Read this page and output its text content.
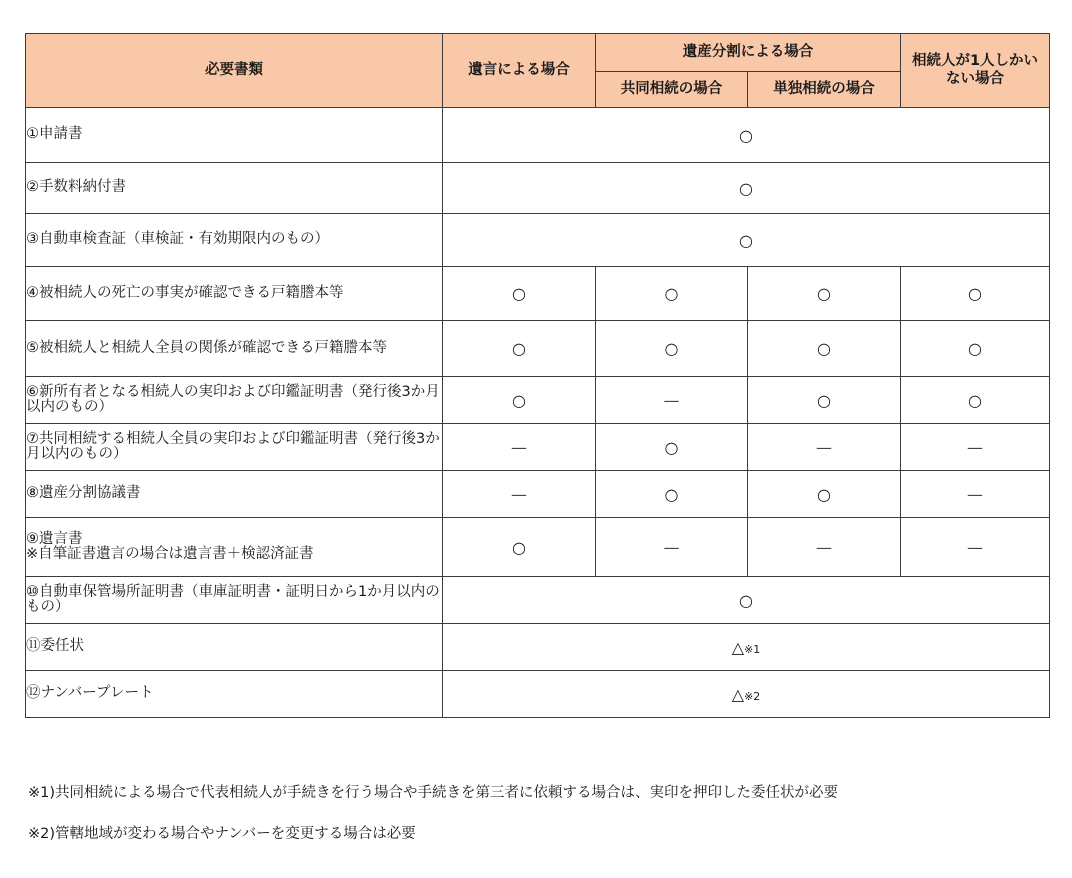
必要書類	遺言による場合	遺産分割による場合		相続人が1人しかいない場合
		共同相続の場合	単独相続の場合	
①申請書	○			
②手数料納付書	○			
③自動車検査証（車検証・有効期限内のもの）	○			
④被相続人の死亡の事実が確認できる戸籍謄本等	○	○	○	○
⑤被相続人と相続人全員の関係が確認できる戸籍謄本等	○	○	○	○
⑥新所有者となる相続人の実印および印鑑証明書（発行後3か月以内のもの）	○	—	○	○
⑦共同相続する相続人全員の実印および印鑑証明書（発行後3か月以内のもの）	—	○	—	—
⑧遺産分割協議書	—	○	○	—

⑨遺言書
※自筆証書遺言の場合は遺言書＋検認済証書	○	—	—	—
⑩自動車保管場所証明書（車庫証明書・証明日から1か月以内のもの）	○			
⑪委任状	△※1			
⑫ナンバープレート	△※2			
※1)共同相続による場合で代表相続人が手続きを行う場合や手続きを第三者に依頼する場合は、実印を押印した委任状が必要
※2)管轄地域が変わる場合やナンバーを変更する場合は必要
